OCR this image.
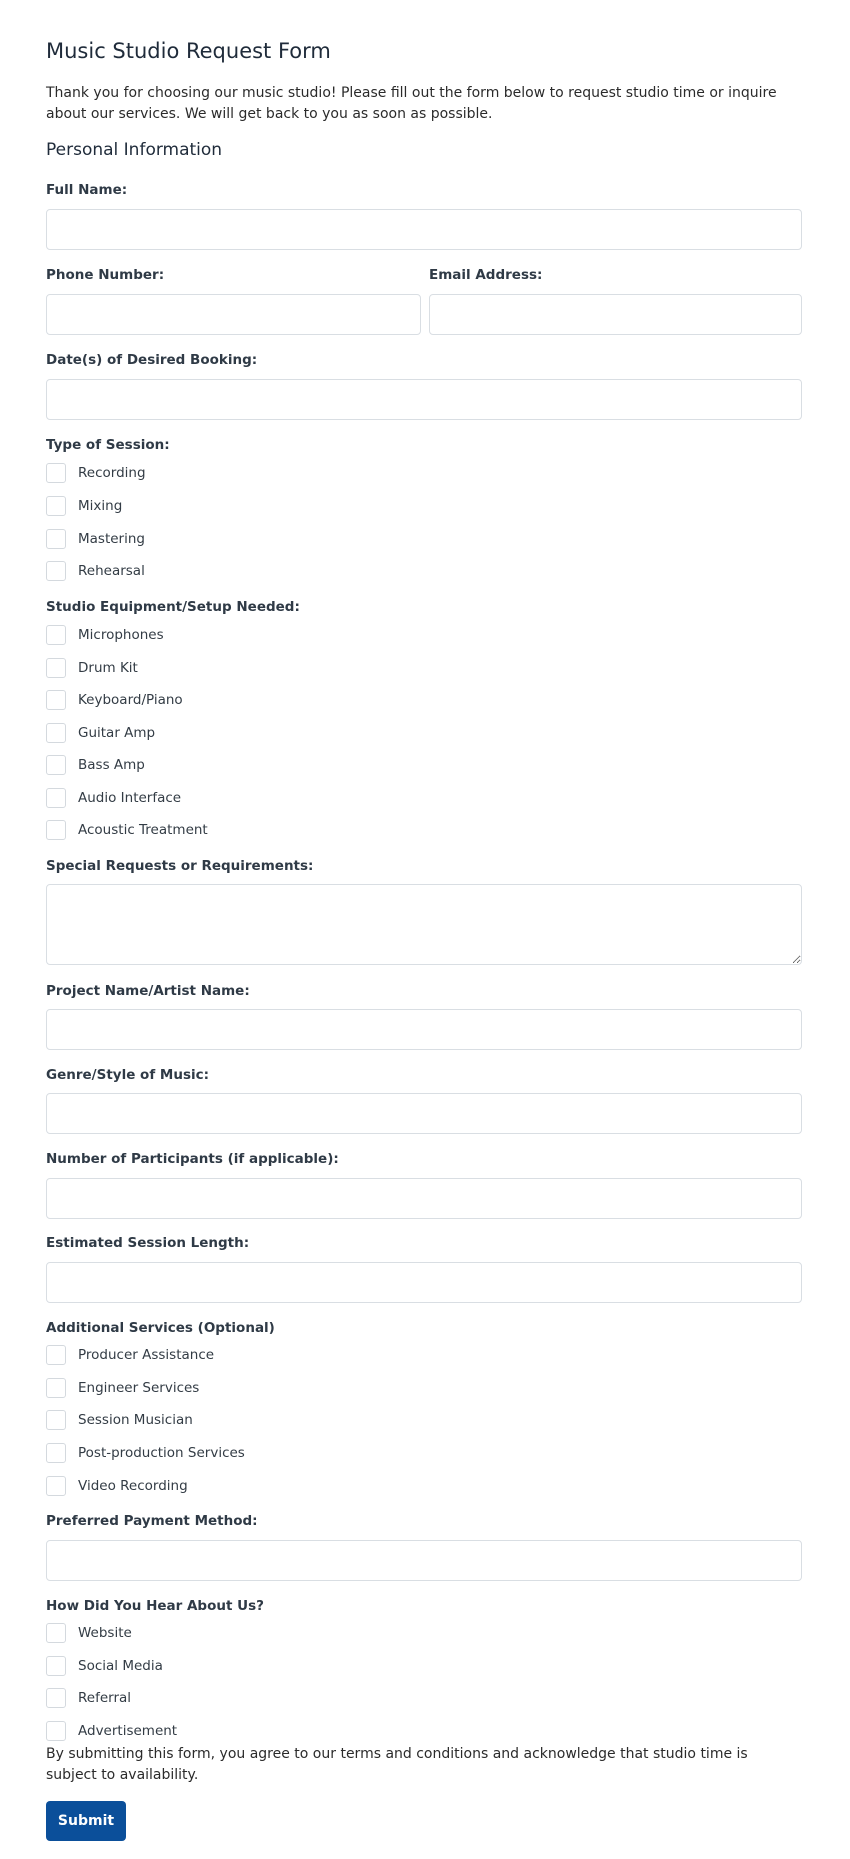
Music Studio Request Form

Thank you for choosing our music studio! Please fill out the form below to request studio time or inquire about our services. We will get back to you as soon as possible.

Personal Information
Full Name:
Phone Number:	Email Address:
Date(s) of Desired Booking:
Type of Session:
Recording
Mixing
Mastering
Rehearsal
Studio Equipment/Setup Needed:
Microphones
Drum Kit
Keyboard/Piano
Guitar Amp
Bass Amp
Audio Interface
Acoustic Treatment
Special Requests or Requirements:
Project Name/Artist Name:
Genre/Style of Music:
Number of Participants (if applicable):
Estimated Session Length:
Additional Services (Optional)
Producer Assistance
Engineer Services
Session Musician
Post-production Services
Video Recording
Preferred Payment Method:
How Did You Hear About Us?
Website
Social Media
Referral
Advertisement

By submitting this form, you agree to our terms and conditions and acknowledge that studio time is subject to availability.

Submit
